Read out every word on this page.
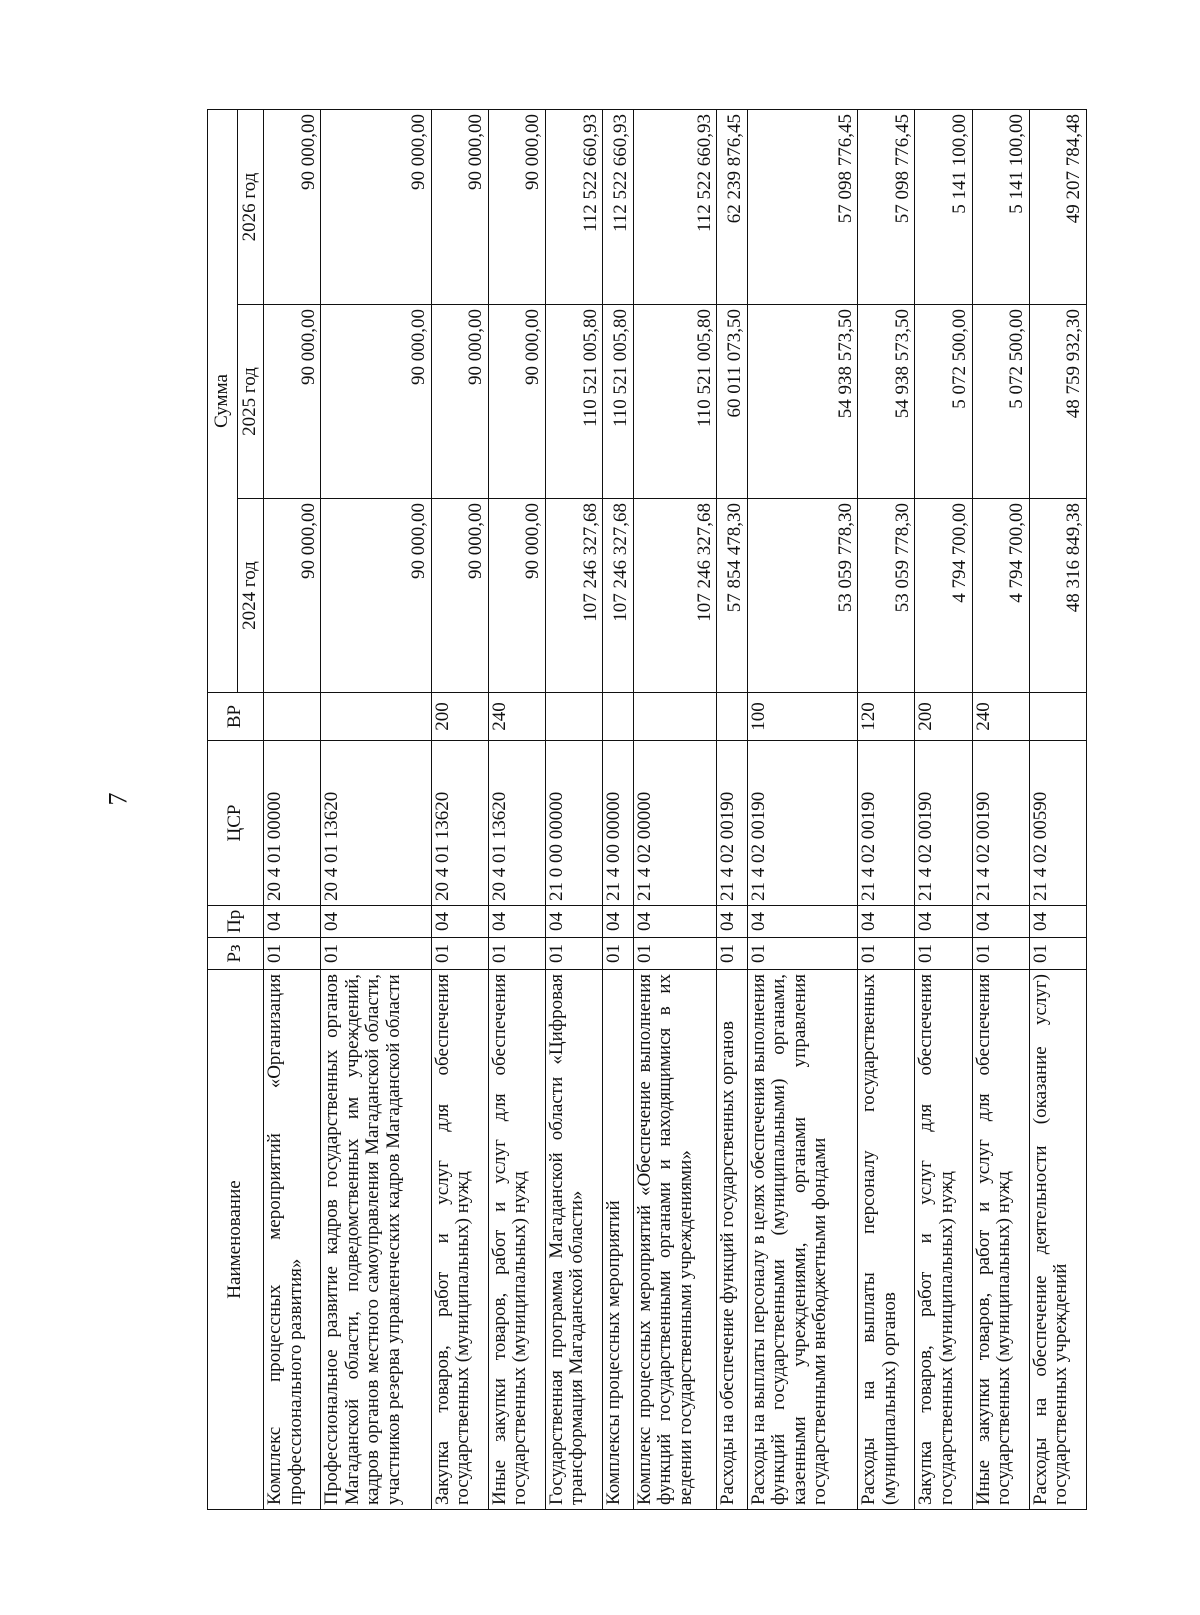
7
Наименование	Рз	Пр	ЦСР	ВР	Сумма		
					2024 год	2025 год	2026 год
Комплекс процессных мероприятий «Организация профессионального развития»	01	04	20 4 01 00000		90 000,00	90 000,00	90 000,00
Профессиональное развитие кадров государственных органов Магаданской области, подведомственных им учреждений, кадров органов местного самоуправления Магаданской области, участников резерва управленческих кадров Магаданской области	01	04	20 4 01 13620		90 000,00	90 000,00	90 000,00
Закупка товаров, работ и услуг для обеспечения государственных (муниципальных) нужд	01	04	20 4 01 13620	200	90 000,00	90 000,00	90 000,00
Иные закупки товаров, работ и услуг для обеспечения государственных (муниципальных) нужд	01	04	20 4 01 13620	240	90 000,00	90 000,00	90 000,00
Государственная программа Магаданской области «Цифровая трансформация Магаданской области»	01	04	21 0 00 00000		107 246 327,68	110 521 005,80	112 522 660,93
Комплексы процессных мероприятий	01	04	21 4 00 00000		107 246 327,68	110 521 005,80	112 522 660,93
Комплекс процессных мероприятий «Обеспечение выполнения функций государственными органами и находящимися в их ведении государственными учреждениями»	01	04	21 4 02 00000		107 246 327,68	110 521 005,80	112 522 660,93
Расходы на обеспечение функций государственных органов	01	04	21 4 02 00190		57 854 478,30	60 011 073,50	62 239 876,45
Расходы на выплаты персоналу в целях обеспечения выполнения функций государственными (муниципальными) органами, казенными учреждениями, органами управления государственными внебюджетными фондами	01	04	21 4 02 00190	100	53 059 778,30	54 938 573,50	57 098 776,45
Расходы на выплаты персоналу государственных (муниципальных) органов	01	04	21 4 02 00190	120	53 059 778,30	54 938 573,50	57 098 776,45
Закупка товаров, работ и услуг для обеспечения государственных (муниципальных) нужд	01	04	21 4 02 00190	200	4 794 700,00	5 072 500,00	5 141 100,00
Иные закупки товаров, работ и услуг для обеспечения государственных (муниципальных) нужд	01	04	21 4 02 00190	240	4 794 700,00	5 072 500,00	5 141 100,00
Расходы на обеспечение деятельности (оказание услуг) государственных учреждений	01	04	21 4 02 00590		48 316 849,38	48 759 932,30	49 207 784,48
